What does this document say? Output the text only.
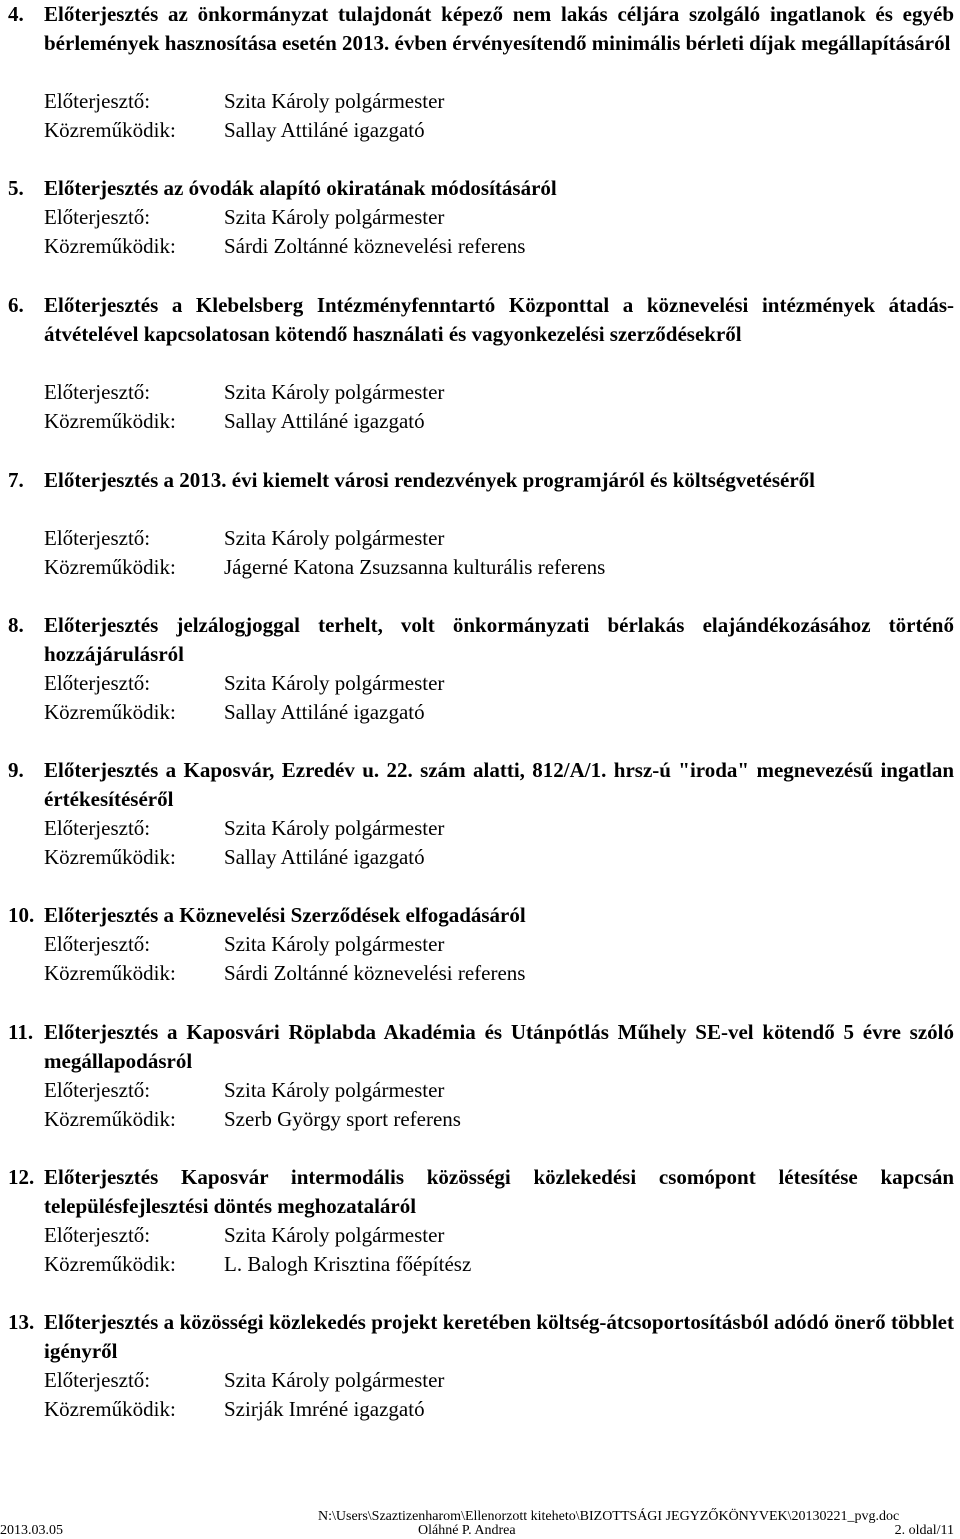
4. Előterjesztés az önkormányzat tulajdonát képező nem lakás céljára szolgáló ingatlanok és egyéb bérlemények hasznosítása esetén 2013. évben érvényesítendő minimális bérleti díjak megállapításáról
Előterjesztő:	Szita Károly polgármester
Közreműködik: Sallay Attiláné igazgató
5. Előterjesztés az óvodák alapító okiratának módosításáról
Előterjesztő:	Szita Károly polgármester
Közreműködik: Sárdi Zoltánné köznevelési referens
6. Előterjesztés a Klebelsberg Intézményfenntartó Központtal a köznevelési intézmények átadás-átvételével kapcsolatosan kötendő használati és vagyonkezelési szerződésekről
Előterjesztő:	Szita Károly polgármester
Közreműködik: Sallay Attiláné igazgató
7. Előterjesztés a 2013. évi kiemelt városi rendezvények programjáról és költségvetéséről
Előterjesztő:	Szita Károly polgármester
Közreműködik: Jágerné Katona Zsuzsanna kulturális referens
8. Előterjesztés jelzálogjoggal terhelt, volt önkormányzati bérlakás elajándékozásához történő hozzájárulásról
Előterjesztő:	Szita Károly polgármester
Közreműködik: Sallay Attiláné igazgató
9. Előterjesztés a Kaposvár, Ezredév u. 22. szám alatti, 812/A/1. hrsz-ú "iroda" megnevezésű ingatlan értékesítéséről
Előterjesztő:	Szita Károly polgármester
Közreműködik: Sallay Attiláné igazgató
10. Előterjesztés a Köznevelési Szerződések elfogadásáról
Előterjesztő:	Szita Károly polgármester
Közreműködik: Sárdi Zoltánné köznevelési referens
11. Előterjesztés a Kaposvári Röplabda Akadémia és Utánpótlás Műhely SE-vel kötendő 5 évre szóló megállapodásról
Előterjesztő:	Szita Károly polgármester
Közreműködik: Szerb György sport referens
12. Előterjesztés Kaposvár intermodális közösségi közlekedési csomópont létesítése kapcsán településfejlesztési döntés meghozataláról
Előterjesztő:	Szita Károly polgármester
Közreműködik: L. Balogh Krisztina főépítész
13. Előterjesztés a közösségi közlekedés projekt keretében költség-átcsoportosításból adódó önerő többlet igényről
Előterjesztő:	Szita Károly polgármester
Közreműködik: Szirják Imréné igazgató
N:\Users\Szaztizenharom\Ellenorzott kiteheto\BIZOTTSÁGI JEGYZŐKÖNYVEK\20130221_pvg.doc
2013.03.05	Oláhné P. Andrea	2. oldal/11
